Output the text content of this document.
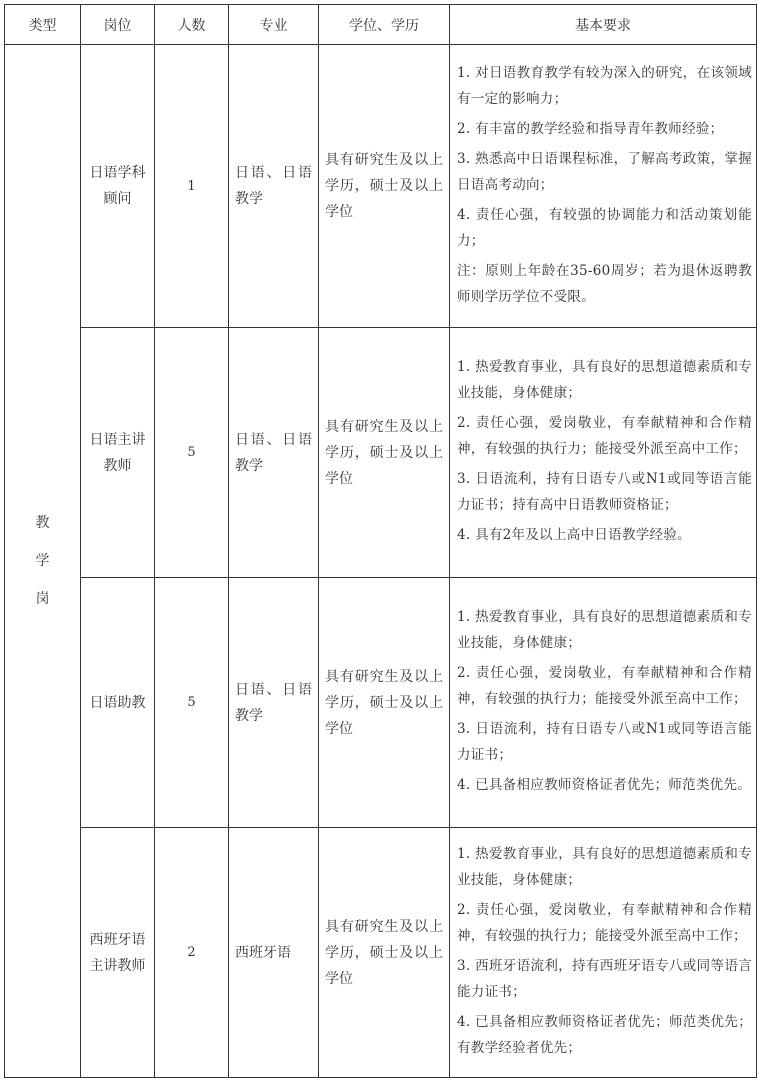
类型	岗位	人数	专业	学位、学历	基本要求
教学岗	日语学科顾问	1	日语、日语教学	具有研究生及以上学历，硕士及以上学位	1. 对日语教育教学有较为深入的研究，在该领域有一定的影响力；
2. 有丰富的教学经验和指导青年教师经验；
3. 熟悉高中日语课程标准，了解高考政策，掌握日语高考动向；
4. 责任心强，有较强的协调能力和活动策划能力；
注：原则上年龄在35-60周岁；若为退休返聘教师则学历学位不受限。

	日语主讲教师	5	日语、日语教学	具有研究生及以上学历，硕士及以上学位	1. 热爱教育事业，具有良好的思想道德素质和专业技能，身体健康；
2. 责任心强，爱岗敬业，有奉献精神和合作精神，有较强的执行力；能接受外派至高中工作；
3. 日语流利，持有日语专八或N1或同等语言能力证书；持有高中日语教师资格证；
4. 具有2年及以上高中日语教学经验。

	日语助教	5	日语、日语教学	具有研究生及以上学历，硕士及以上学位	1. 热爱教育事业，具有良好的思想道德素质和专业技能，身体健康；
2. 责任心强，爱岗敬业，有奉献精神和合作精神，有较强的执行力；能接受外派至高中工作；
3. 日语流利，持有日语专八或N1或同等语言能力证书；
4. 已具备相应教师资格证者优先；师范类优先。

	西班牙语主讲教师	2	西班牙语	具有研究生及以上学历，硕士及以上学位	1. 热爱教育事业，具有良好的思想道德素质和专业技能，身体健康；
2. 责任心强，爱岗敬业，有奉献精神和合作精神，有较强的执行力；能接受外派至高中工作；
3. 西班牙语流利，持有西班牙语专八或同等语言能力证书；
4. 已具备相应教师资格证者优先；师范类优先；有教学经验者优先；
